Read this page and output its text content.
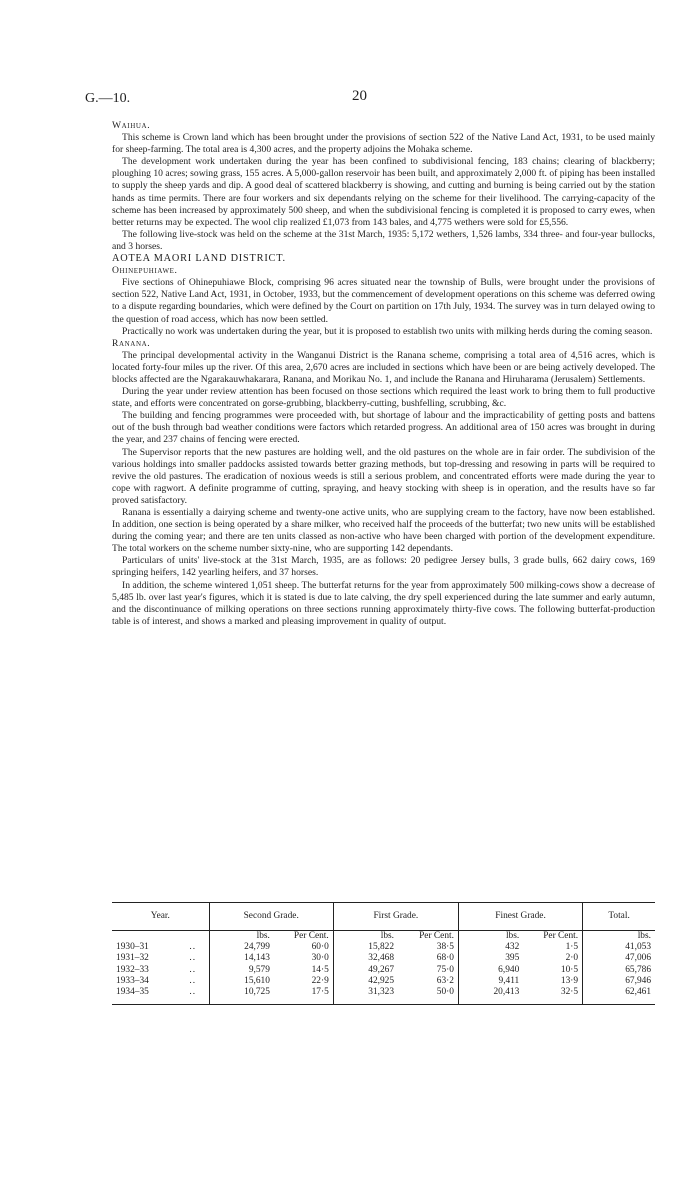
G.—10.	20

Waihua.

This scheme is Crown land which has been brought under the provisions of section 522 of the Native Land Act, 1931, to be used mainly for sheep-farming. The total area is 4,300 acres, and the property adjoins the Mohaka scheme.

The development work undertaken during the year has been confined to subdivisional fencing, 183 chains; clearing of blackberry; ploughing 10 acres; sowing grass, 155 acres. A 5,000-gallon reservoir has been built, and approximately 2,000 ft. of piping has been installed to supply the sheep yards and dip. A good deal of scattered blackberry is showing, and cutting and burning is being carried out by the station hands as time permits. There are four workers and six dependants relying on the scheme for their livelihood. The carrying-capacity of the scheme has been increased by approximately 500 sheep, and when the subdivisional fencing is completed it is proposed to carry ewes, when better returns may be expected. The wool clip realized £1,073 from 143 bales, and 4,775 wethers were sold for £5,556.

The following live-stock was held on the scheme at the 31st March, 1935: 5,172 wethers, 1,526 lambs, 334 three- and four-year bullocks, and 3 horses.

AOTEA MAORI LAND DISTRICT.

Ohinepuhiawe.

Five sections of Ohinepuhiawe Block, comprising 96 acres situated near the township of Bulls, were brought under the provisions of section 522, Native Land Act, 1931, in October, 1933, but the commencement of development operations on this scheme was deferred owing to a dispute regarding boundaries, which were defined by the Court on partition on 17th July, 1934. The survey was in turn delayed owing to the question of road access, which has now been settled.

Practically no work was undertaken during the year, but it is proposed to establish two units with milking herds during the coming season.

Ranana.

The principal developmental activity in the Wanganui District is the Ranana scheme, comprising a total area of 4,516 acres, which is located forty-four miles up the river. Of this area, 2,670 acres are included in sections which have been or are being actively developed. The blocks affected are the Ngarakauwhakarara, Ranana, and Morikau No. 1, and include the Ranana and Hiruharama (Jerusalem) Settlements.

During the year under review attention has been focused on those sections which required the least work to bring them to full productive state, and efforts were concentrated on gorse-grubbing, blackberry-cutting, bushfelling, scrubbing, &c.

The building and fencing programmes were proceeded with, but shortage of labour and the impracticability of getting posts and battens out of the bush through bad weather conditions were factors which retarded progress. An additional area of 150 acres was brought in during the year, and 237 chains of fencing were erected.

The Supervisor reports that the new pastures are holding well, and the old pastures on the whole are in fair order. The subdivision of the various holdings into smaller paddocks assisted towards better grazing methods, but top-dressing and resowing in parts will be required to revive the old pastures. The eradication of noxious weeds is still a serious problem, and concentrated efforts were made during the year to cope with ragwort. A definite programme of cutting, spraying, and heavy stocking with sheep is in operation, and the results have so far proved satisfactory.

Ranana is essentially a dairying scheme and twenty-one active units, who are supplying cream to the factory, have now been established. In addition, one section is being operated by a share milker, who received half the proceeds of the butterfat; two new units will be established during the coming year; and there are ten units classed as non-active who have been charged with portion of the development expenditure. The total workers on the scheme number sixty-nine, who are supporting 142 dependants.

Particulars of units' live-stock at the 31st March, 1935, are as follows: 20 pedigree Jersey bulls, 3 grade bulls, 662 dairy cows, 169 springing heifers, 142 yearling heifers, and 37 horses.

In addition, the scheme wintered 1,051 sheep. The butterfat returns for the year from approximately 500 milking-cows show a decrease of 5,485 lb. over last year's figures, which it is stated is due to late calving, the dry spell experienced during the late summer and early autumn, and the discontinuance of milking operations on three sections running approximately thirty-five cows. The following butterfat-production table is of interest, and shows a marked and pleasing improvement in quality of output.

Year.		Second Grade.		First Grade.		Finest Grade.		Total.
		lbs.	Per Cent.	lbs.	Per Cent.	lbs.	Per Cent.	lbs.
1930–31	..	24,799	60·0	15,822	38·5	432	1·5	41,053
1931–32	..	14,143	30·0	32,468	68·0	395	2·0	47,006
1932–33	..	9,579	14·5	49,267	75·0	6,940	10·5	65,786
1933–34	..	15,610	22·9	42,925	63·2	9,411	13·9	67,946
1934–35	..	10,725	17·5	31,323	50·0	20,413	32·5	62,461
